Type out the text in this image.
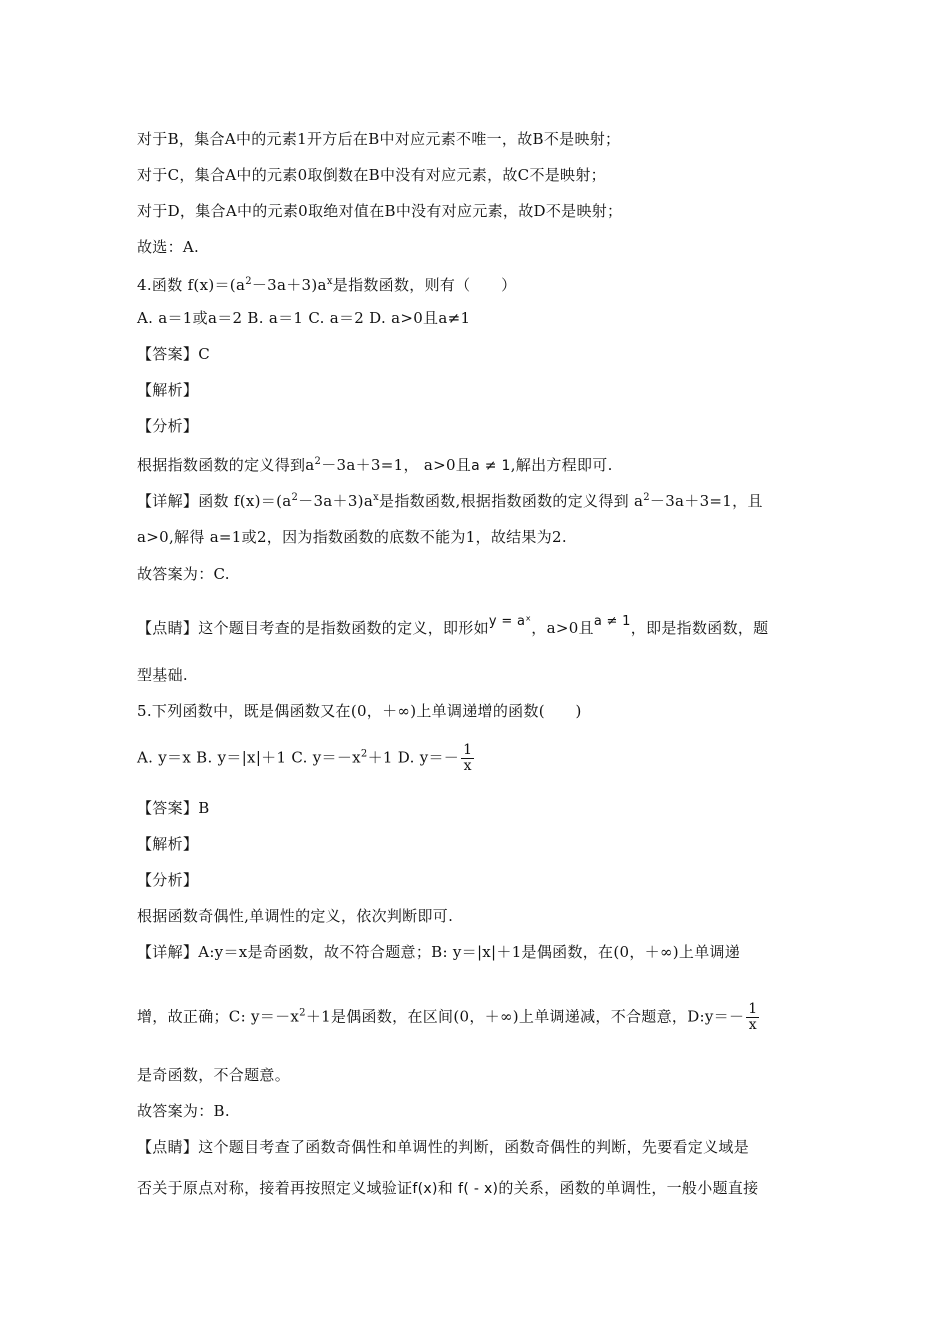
对于B，集合A中的元素1开方后在B中对应元素不唯一，故B不是映射；
对于C，集合A中的元素0取倒数在B中没有对应元素，故C不是映射；
对于D，集合A中的元素0取绝对值在B中没有对应元素，故D不是映射；
故选：A.
4.函数 $f(x)=(a^2-3a+3)a^x$是指数函数，则有（　　）
A. a＝1或a＝2 B. a＝1 C. a＝2 D. a>0且a≠1
【答案】C
【解析】
【分析】
根据指数函数的定义得到$a^2-3a+3=1$， a>0且a ≠ 1,解出方程即可.
【详解】函数 $f(x)=(a^2-3a+3)a^x$是指数函数,根据指数函数的定义得到 $a^2-3a+3=1$，且
a>0,解得 a=1或2，因为指数函数的底数不能为1，故结果为2.
故答案为：C.
【点睛】这个题目考查的是指数函数的定义，即形如y = aˣ，a>0且a ≠ 1，即是指数函数，题
型基础.
5.下列函数中，既是偶函数又在(0，＋∞)上单调递增的函数(　　)
A. y＝x B. y＝|x|＋1 C. $y=-x^2+1$ D. $y=- \frac{1}{x}$
【答案】B
【解析】
【分析】
根据函数奇偶性,单调性的定义，依次判断即可.
【详解】A:y＝x是奇函数，故不符合题意；B: y＝|x|＋1是偶函数，在(0，＋∞)上单调递
增，故正确；C: $y=-x^2+1$是偶函数，在区间(0，＋∞)上单调递减，不合题意，D:y＝－ $\frac{1}{x}$
是奇函数，不合题意。
故答案为：B.
【点睛】这个题目考查了函数奇偶性和单调性的判断，函数奇偶性的判断，先要看定义域是
否关于原点对称，接着再按照定义域验证f(x)和 f( - x)的关系，函数的单调性，一般小题直接
